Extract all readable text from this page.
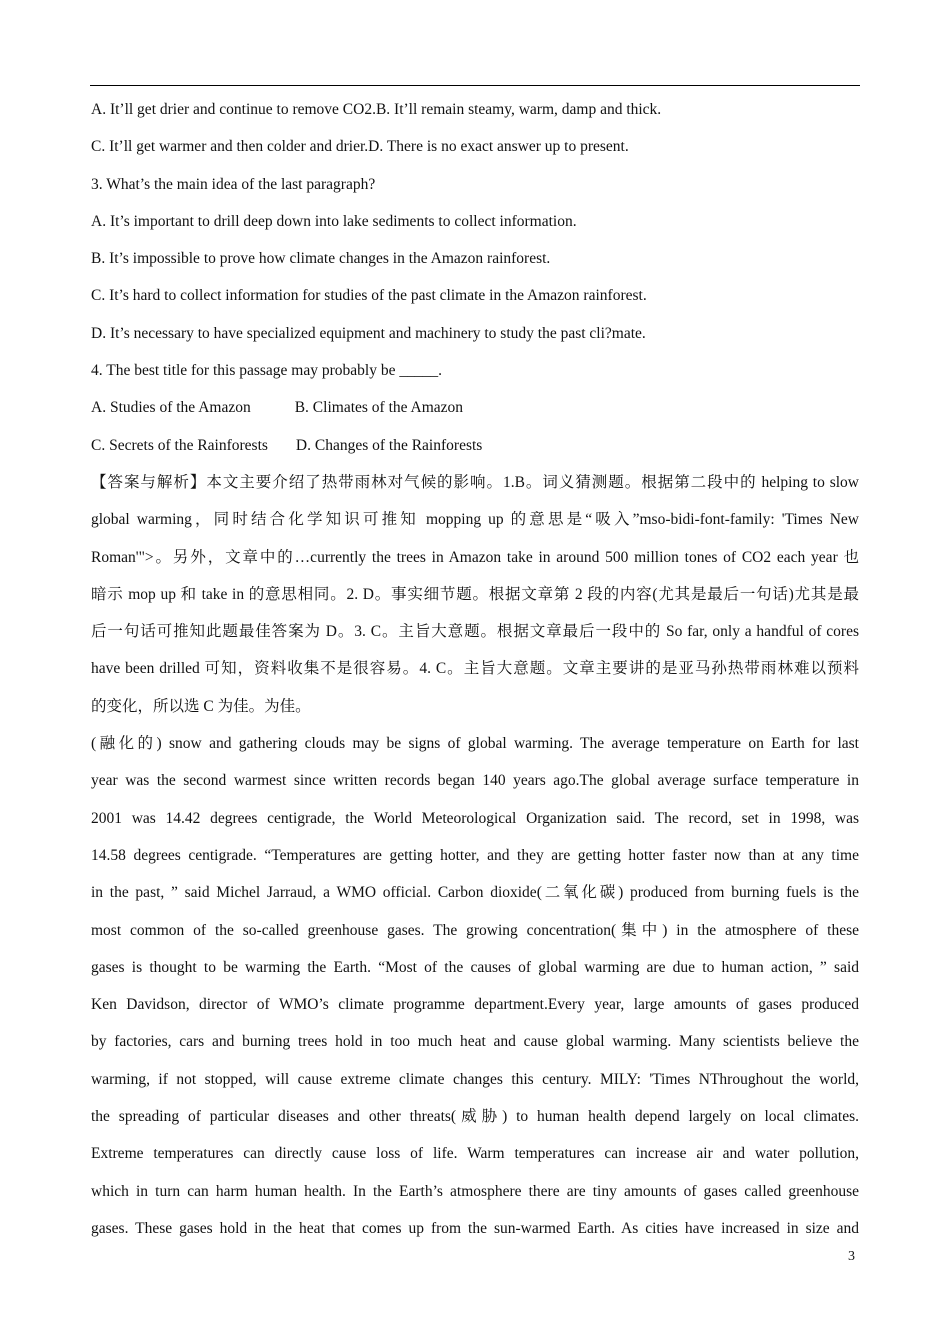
A. It’ll get drier and continue to remove CO2.B. It’ll remain steamy, warm, damp and thick.
C. It’ll get warmer and then colder and drier.D. There is no exact answer up to present.
3. What’s the main idea of the last paragraph?
A. It’s important to drill deep down into lake sediments to collect information.
B. It’s impossible to prove how climate changes in the Amazon rainforest.
C. It’s hard to collect information for studies of the past climate in the Amazon rainforest.
D. It’s necessary to have specialized equipment and machinery to study the past cli?mate.
4. The best title for this passage may probably be _____.
A. Studies of the Amazon	B. Climates of the Amazon
C. Secrets of the Rainforests D. Changes of the Rainforests
【答案与解析】本文主要介绍了热带雨林对气候的影响。1.B。词义猜测题。根据第二段中的 helping to slow
global warming，同时结合化学知识可推知 mopping up 的意思是“吸入”mso-bidi-font-family: 'Times New
Roman'">。另外，文章中的…currently the trees in Amazon take in around 500 million tones of CO2 each year 也
暗示 mop up 和 take in 的意思相同。2. D。事实细节题。根据文章第 2 段的内容(尤其是最后一句话)尤其是最
后一句话可推知此题最佳答案为 D。3. C。主旨大意题。根据文章最后一段中的 So far, only a handful of cores
have been drilled 可知，资料收集不是很容易。4. C。主旨大意题。文章主要讲的是亚马孙热带雨林难以预料
的变化，所以选 C 为佳。为佳。
(融化的) snow and gathering clouds may be signs of global warming. The average temperature on Earth for last
year was the second warmest since written records began 140 years ago.The global average surface temperature in
2001 was 14.42 degrees centigrade, the World Meteorological Organization said. The record, set in 1998, was
14.58 degrees centigrade. “Temperatures are getting hotter, and they are getting hotter faster now than at any time
in the past, ” said Michel Jarraud, a WMO official. Carbon dioxide(二氧化碳) produced from burning fuels is the
most common of the so-called greenhouse gases. The growing concentration(集中) in the atmosphere of these
gases is thought to be warming the Earth. “Most of the causes of global warming are due to human action, ” said
Ken Davidson, director of WMO’s climate programme department.Every year, large amounts of gases produced
by factories, cars and burning trees hold in too much heat and cause global warming. Many scientists believe the
warming, if not stopped, will cause extreme climate changes this century. MILY: 'Times NThroughout the world,
the spreading of particular diseases and other threats(威胁) to human health depend largely on local climates.
Extreme temperatures can directly cause loss of life. Warm temperatures can increase air and water pollution,
which in turn can harm human health. In the Earth’s atmosphere there are tiny amounts of gases called greenhouse
gases. These gases hold in the heat that comes up from the sun-warmed Earth. As cities have increased in size and
3
